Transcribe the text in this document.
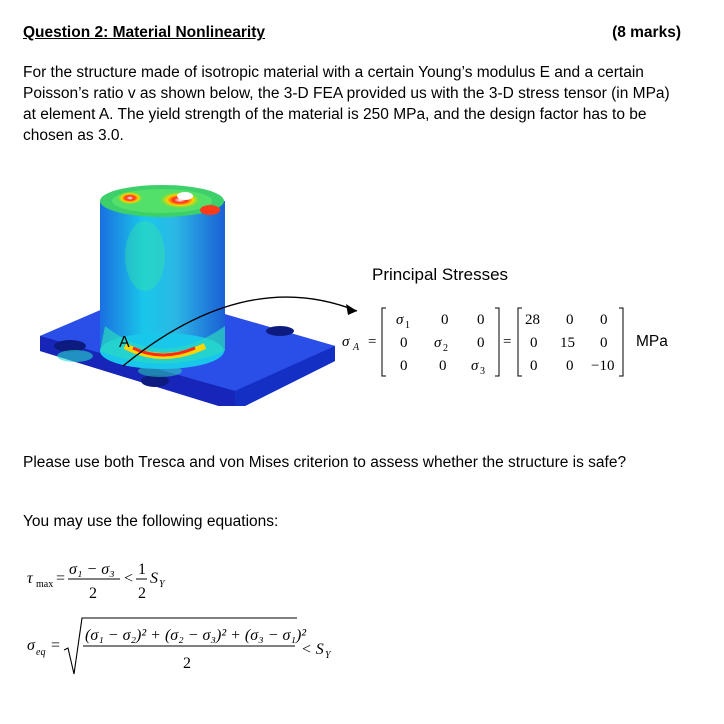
Question 2: Material Nonlinearity	(8 marks)
For the structure made of isotropic material with a certain Young’s modulus E and a certain Poisson’s ratio v as shown below, the 3-D FEA provided us with the 3-D stress tensor (in MPa) at element A. The yield strength of the material is 250 MPa, and the design factor has to be chosen as 3.0.
A
Principal Stresses
σ A =
σ 1 0 0
0 σ 2 0
0 0 σ 3
=
28 0 0
0 15 0
0 0 −10
MPa
Please use both Tresca and von Mises criterion to assess whether the structure is safe?
You may use the following equations:
τ max =
σ₁ − σ₃
2
<
1
2
S Y
σ eq =
(σ₁ − σ₂)² + (σ₂ − σ₃)² + (σ₃ − σ₁)²
2
< S Y
